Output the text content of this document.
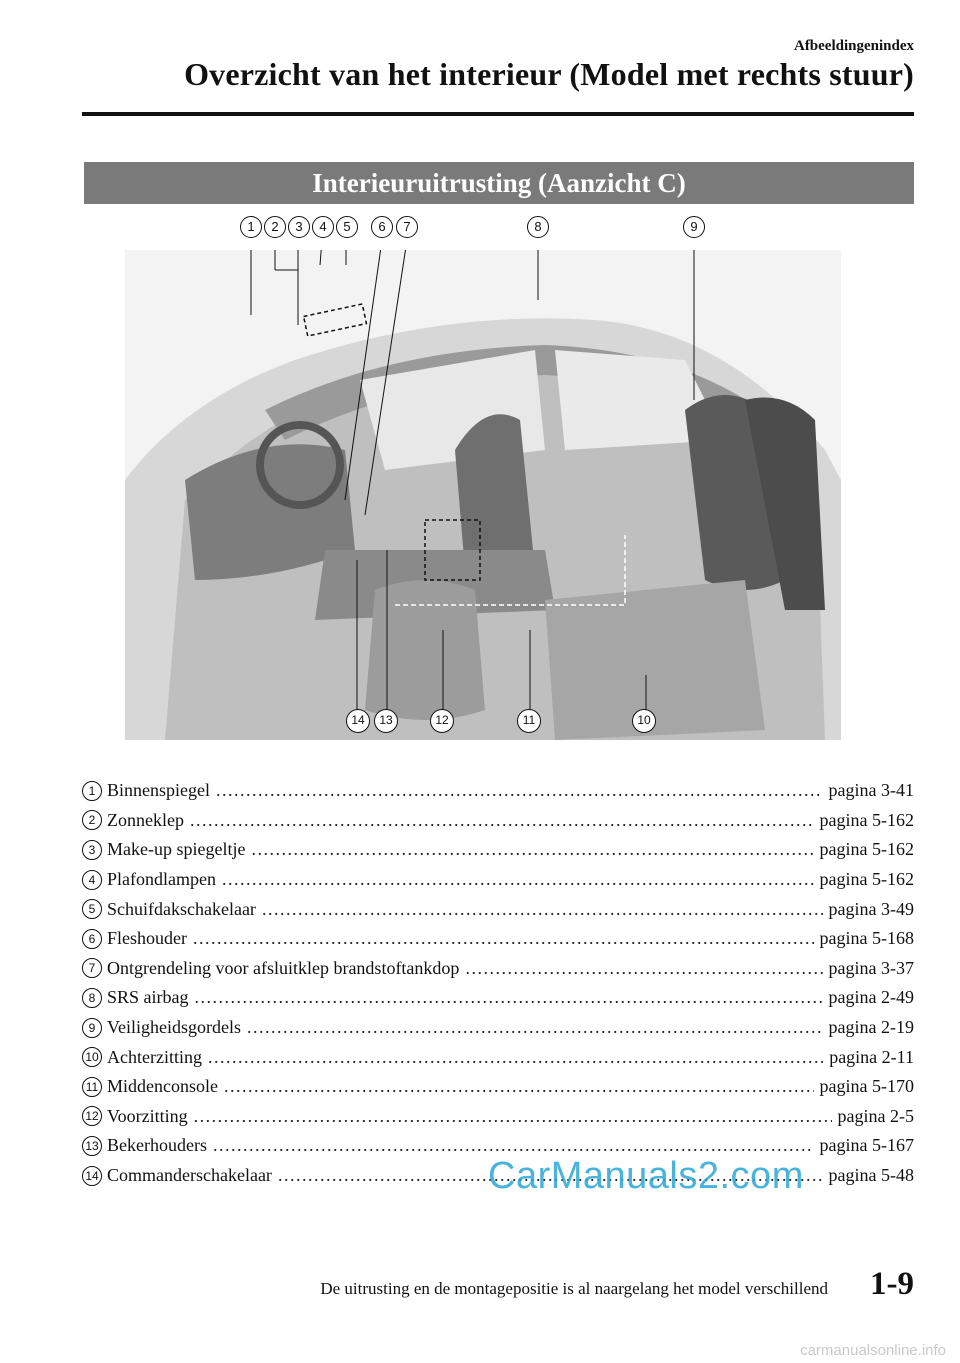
Afbeeldingenindex
Overzicht van het interieur (Model met rechts stuur)
Interieuruitrusting (Aanzicht C)
1	2	3	4	5	6	7	8	9
14	13	12	11	10
1 Binnenspiegel .....	pagina 3-41
2 Zonneklep .....	pagina 5-162
3 Make-up spiegeltje .....	pagina 5-162
4 Plafondlampen .....	pagina 5-162
5 Schuifdakschakelaar .....	pagina 3-49
6 Fleshouder .....	pagina 5-168
7 Ontgrendeling voor afsluitklep brandstoftankdop .....	pagina 3-37
8 SRS airbag .....	pagina 2-49
9 Veiligheidsgordels .....	pagina 2-19
10 Achterzitting .....	pagina 2-11
11 Middenconsole .....	pagina 5-170
12 Voorzitting .....	pagina 2-5
13 Bekerhouders .....	pagina 5-167
14 Commanderschakelaar .....	pagina 5-48
CarManuals2.com
De uitrusting en de montagepositie is al naargelang het model verschillend 1-9
carmanualsonline.info
